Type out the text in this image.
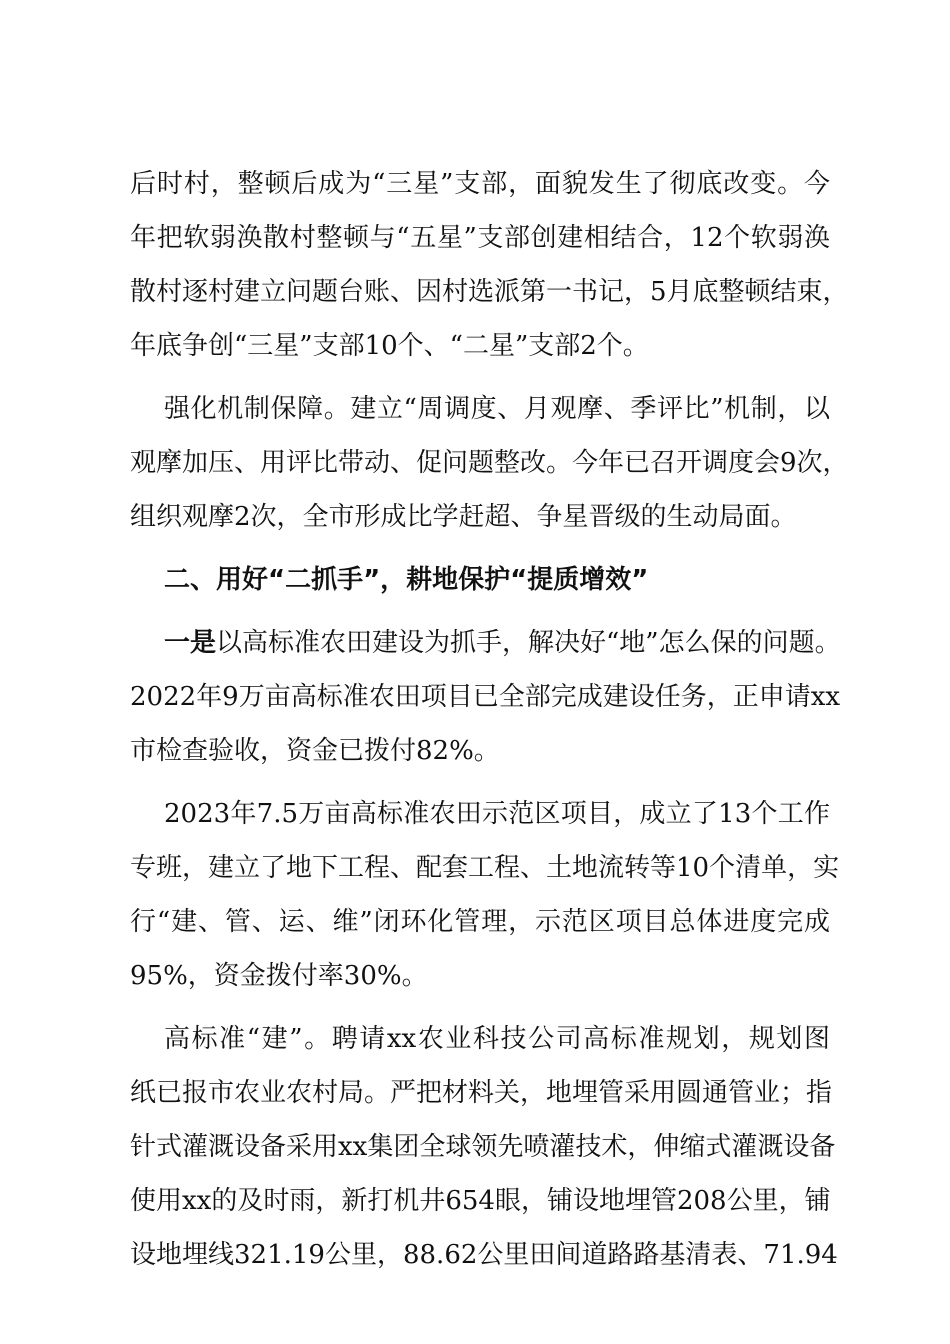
后时村，整顿后成为“三星”支部，面貌发生了彻底改变。今
年把软弱涣散村整顿与“五星”支部创建相结合，12个软弱涣
散村逐村建立问题台账、因村选派第一书记，5月底整顿结束，
年底争创“三星”支部10个、“二星”支部2个。
强化机制保障。建立“周调度、月观摩、季评比”机制，以
观摩加压、用评比带动、促问题整改。今年已召开调度会9次，
组织观摩2次，全市形成比学赶超、争星晋级的生动局面。
二、用好“二抓手”，耕地保护“提质增效”
一是以高标准农田建设为抓手，解决好“地”怎么保的问题。
2022年9万亩高标准农田项目已全部完成建设任务，正申请xx
市检查验收，资金已拨付82%。
2023年7.5万亩高标准农田示范区项目，成立了13个工作
专班，建立了地下工程、配套工程、土地流转等10个清单，实
行“建、管、运、维”闭环化管理，示范区项目总体进度完成
95%，资金拨付率30%。
高标准“建”。聘请xx农业科技公司高标准规划，规划图
纸已报市农业农村局。严把材料关，地埋管采用圆通管业；指
针式灌溉设备采用xx集团全球领先喷灌技术，伸缩式灌溉设备
使用xx的及时雨，新打机井654眼，铺设地埋管208公里，铺
设地埋线321.19公里，88.62公里田间道路路基清表、71.94
